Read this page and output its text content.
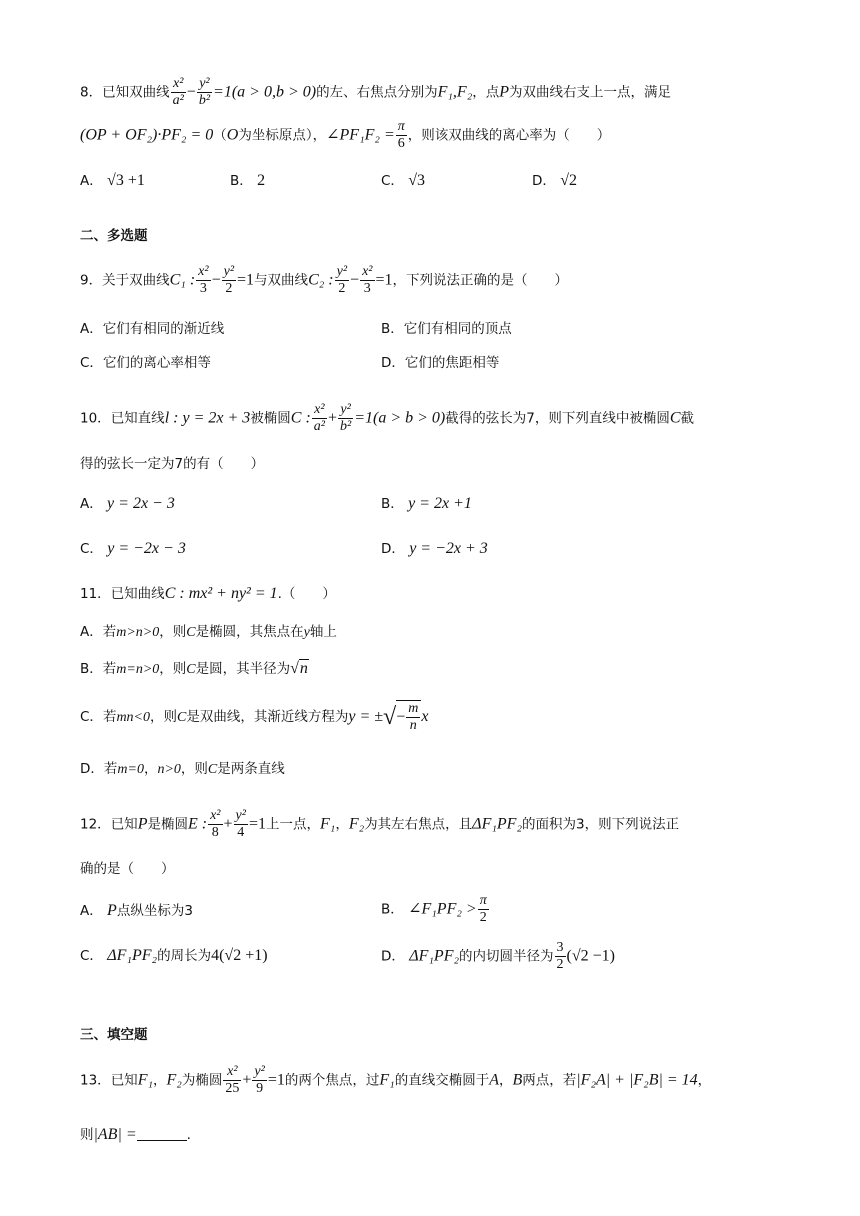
8．已知双曲线 $\frac{\text{x²}}{\text{a²}} - \frac{\text{y²}}{\text{b²}} =1(a > 0,b > 0)$的左、右焦点分别为F₁,F₂，点P为双曲线右支上一点，满足
(OP + OF₂)·PF₂ = 0（O为坐标原点），∠PF₁F₂ = $\frac{\pi}{6}$ ，则该双曲线的离心率为（　　）
A． √3 +1	B． 2	C． √3	D． √2
二、多选题
9．关于双曲线C₁ : $\frac{\text{x²}}{3} - \frac{\text{y²}}{2} =1$与双曲线C₂ : $\frac{\text{y²}}{2} - \frac{\text{x²}}{3} =1$，下列说法正确的是（　　）
A．它们有相同的渐近线	B．它们有相同的顶点
C．它们的离心率相等	D．它们的焦距相等
10．已知直线l : y = 2x + 3被椭圆C : $\frac{\text{x²}}{\text{a²}} + \frac{\text{y²}}{\text{b²}} =1(a > b > 0)$截得的弦长为7，则下列直线中被椭圆C截
得的弦长一定为7的有（　　）
A． y = 2x − 3	B． y = 2x +1
C． y = −2x − 3	D． y = −2x + 3
11．已知曲线C : mx² + ny² = 1.（　　）
A．若m>n>0，则C是椭圆，其焦点在y轴上
B．若m=n>0，则C是圆，其半径为√n
C．若mn<0，则C是双曲线，其渐近线方程为y = ±√− $\frac{m}{n}$ x
D．若m=0，n>0，则C是两条直线
12．已知P是椭圆E : $\frac{\text{x²}}{8} + \frac{\text{y²}}{4} =1$上一点，F₁，F₂为其左右焦点，且ΔF₁PF₂的面积为3，则下列说法正
确的是（　　）
A． P点纵坐标为3	B． ∠F₁PF₂ > $\frac{\pi}{2}$
C． ΔF₁PF₂的周长为4(√2 +1)	D． ΔF₁PF₂的内切圆半径为 $\frac{3}{2} (√2 -1)$
三、填空题
13．已知F₁，F₂为椭圆 $\frac{\text{x²}}{25} + \frac{\text{y²}}{9} =1$的两个焦点，过F₁的直线交椭圆于A，B两点，若|F₂A| + |F₂B| = 14，
则|AB| =	.
